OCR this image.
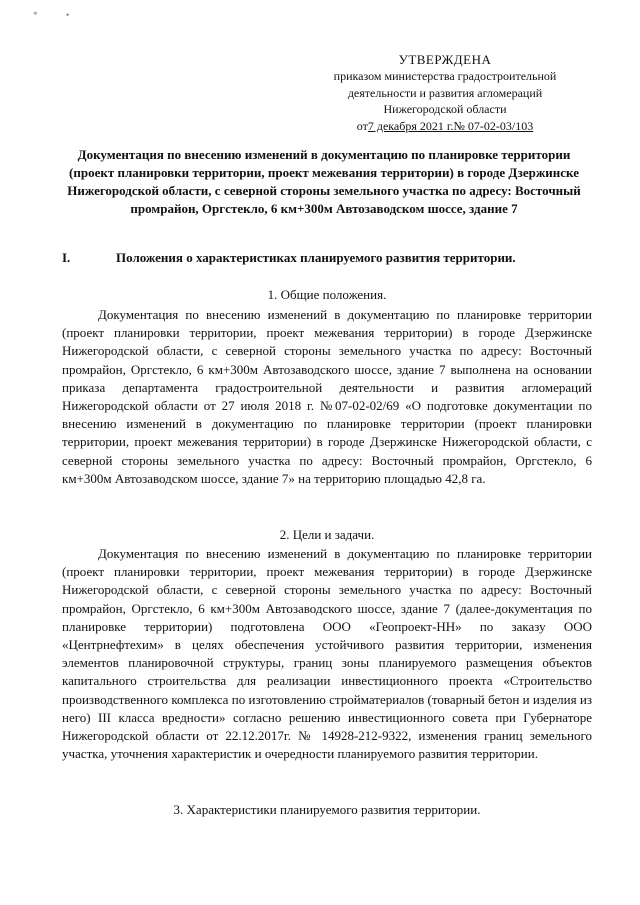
*	•
УТВЕРЖДЕНА
приказом министерства градостроительной
деятельности и развития агломераций
Нижегородской области
от7 декабря 2021 г.№ 07-02-03/103
Документация по внесению изменений в документацию по планировке территории (проект планировки территории, проект межевания территории) в городе Дзержинске Нижегородской области, с северной стороны земельного участка по адресу: Восточный промрайон, Оргстекло, 6 км+300м Автозаводском шоссе, здание 7
I.	Положения о характеристиках планируемого развития территории.
1. Общие положения.
Документация по внесению изменений в документацию по планировке территории (проект планировки территории, проект межевания территории) в городе Дзержинске Нижегородской области, с северной стороны земельного участка по адресу: Восточный промрайон, Оргстекло, 6 км+300м Автозаводского шоссе, здание 7 выполнена на основании приказа департамента градостроительной деятельности и развития агломераций Нижегородской области от 27 июля 2018 г. №07-02-02/69 «О подготовке документации по внесению изменений в документацию по планировке территории (проект планировки территории, проект межевания территории) в городе Дзержинске Нижегородской области, с северной стороны земельного участка по адресу: Восточный промрайон, Оргстекло, 6 км+300м Автозаводском шоссе, здание 7» на территорию площадью 42,8 га.
2. Цели и задачи.
Документация по внесению изменений в документацию по планировке территории (проект планировки территории, проект межевания территории) в городе Дзержинске Нижегородской области, с северной стороны земельного участка по адресу: Восточный промрайон, Оргстекло, 6 км+300м Автозаводского шоссе, здание 7 (далее-документация по планировке территории) подготовлена ООО «Геопроект-НН» по заказу ООО «Центрнефтехим» в целях обеспечения устойчивого развития территории, изменения элементов планировочной структуры, границ зоны планируемого размещения объектов капитального строительства для реализации инвестиционного проекта «Строительство производственного комплекса по изготовлению стройматериалов (товарный бетон и изделия из него) III класса вредности» согласно решению инвестиционного совета при Губернаторе Нижегородской области от 22.12.2017г. № 14928-212-9322, изменения границ земельного участка, уточнения характеристик и очередности планируемого развития территории.
3. Характеристики планируемого развития территории.
